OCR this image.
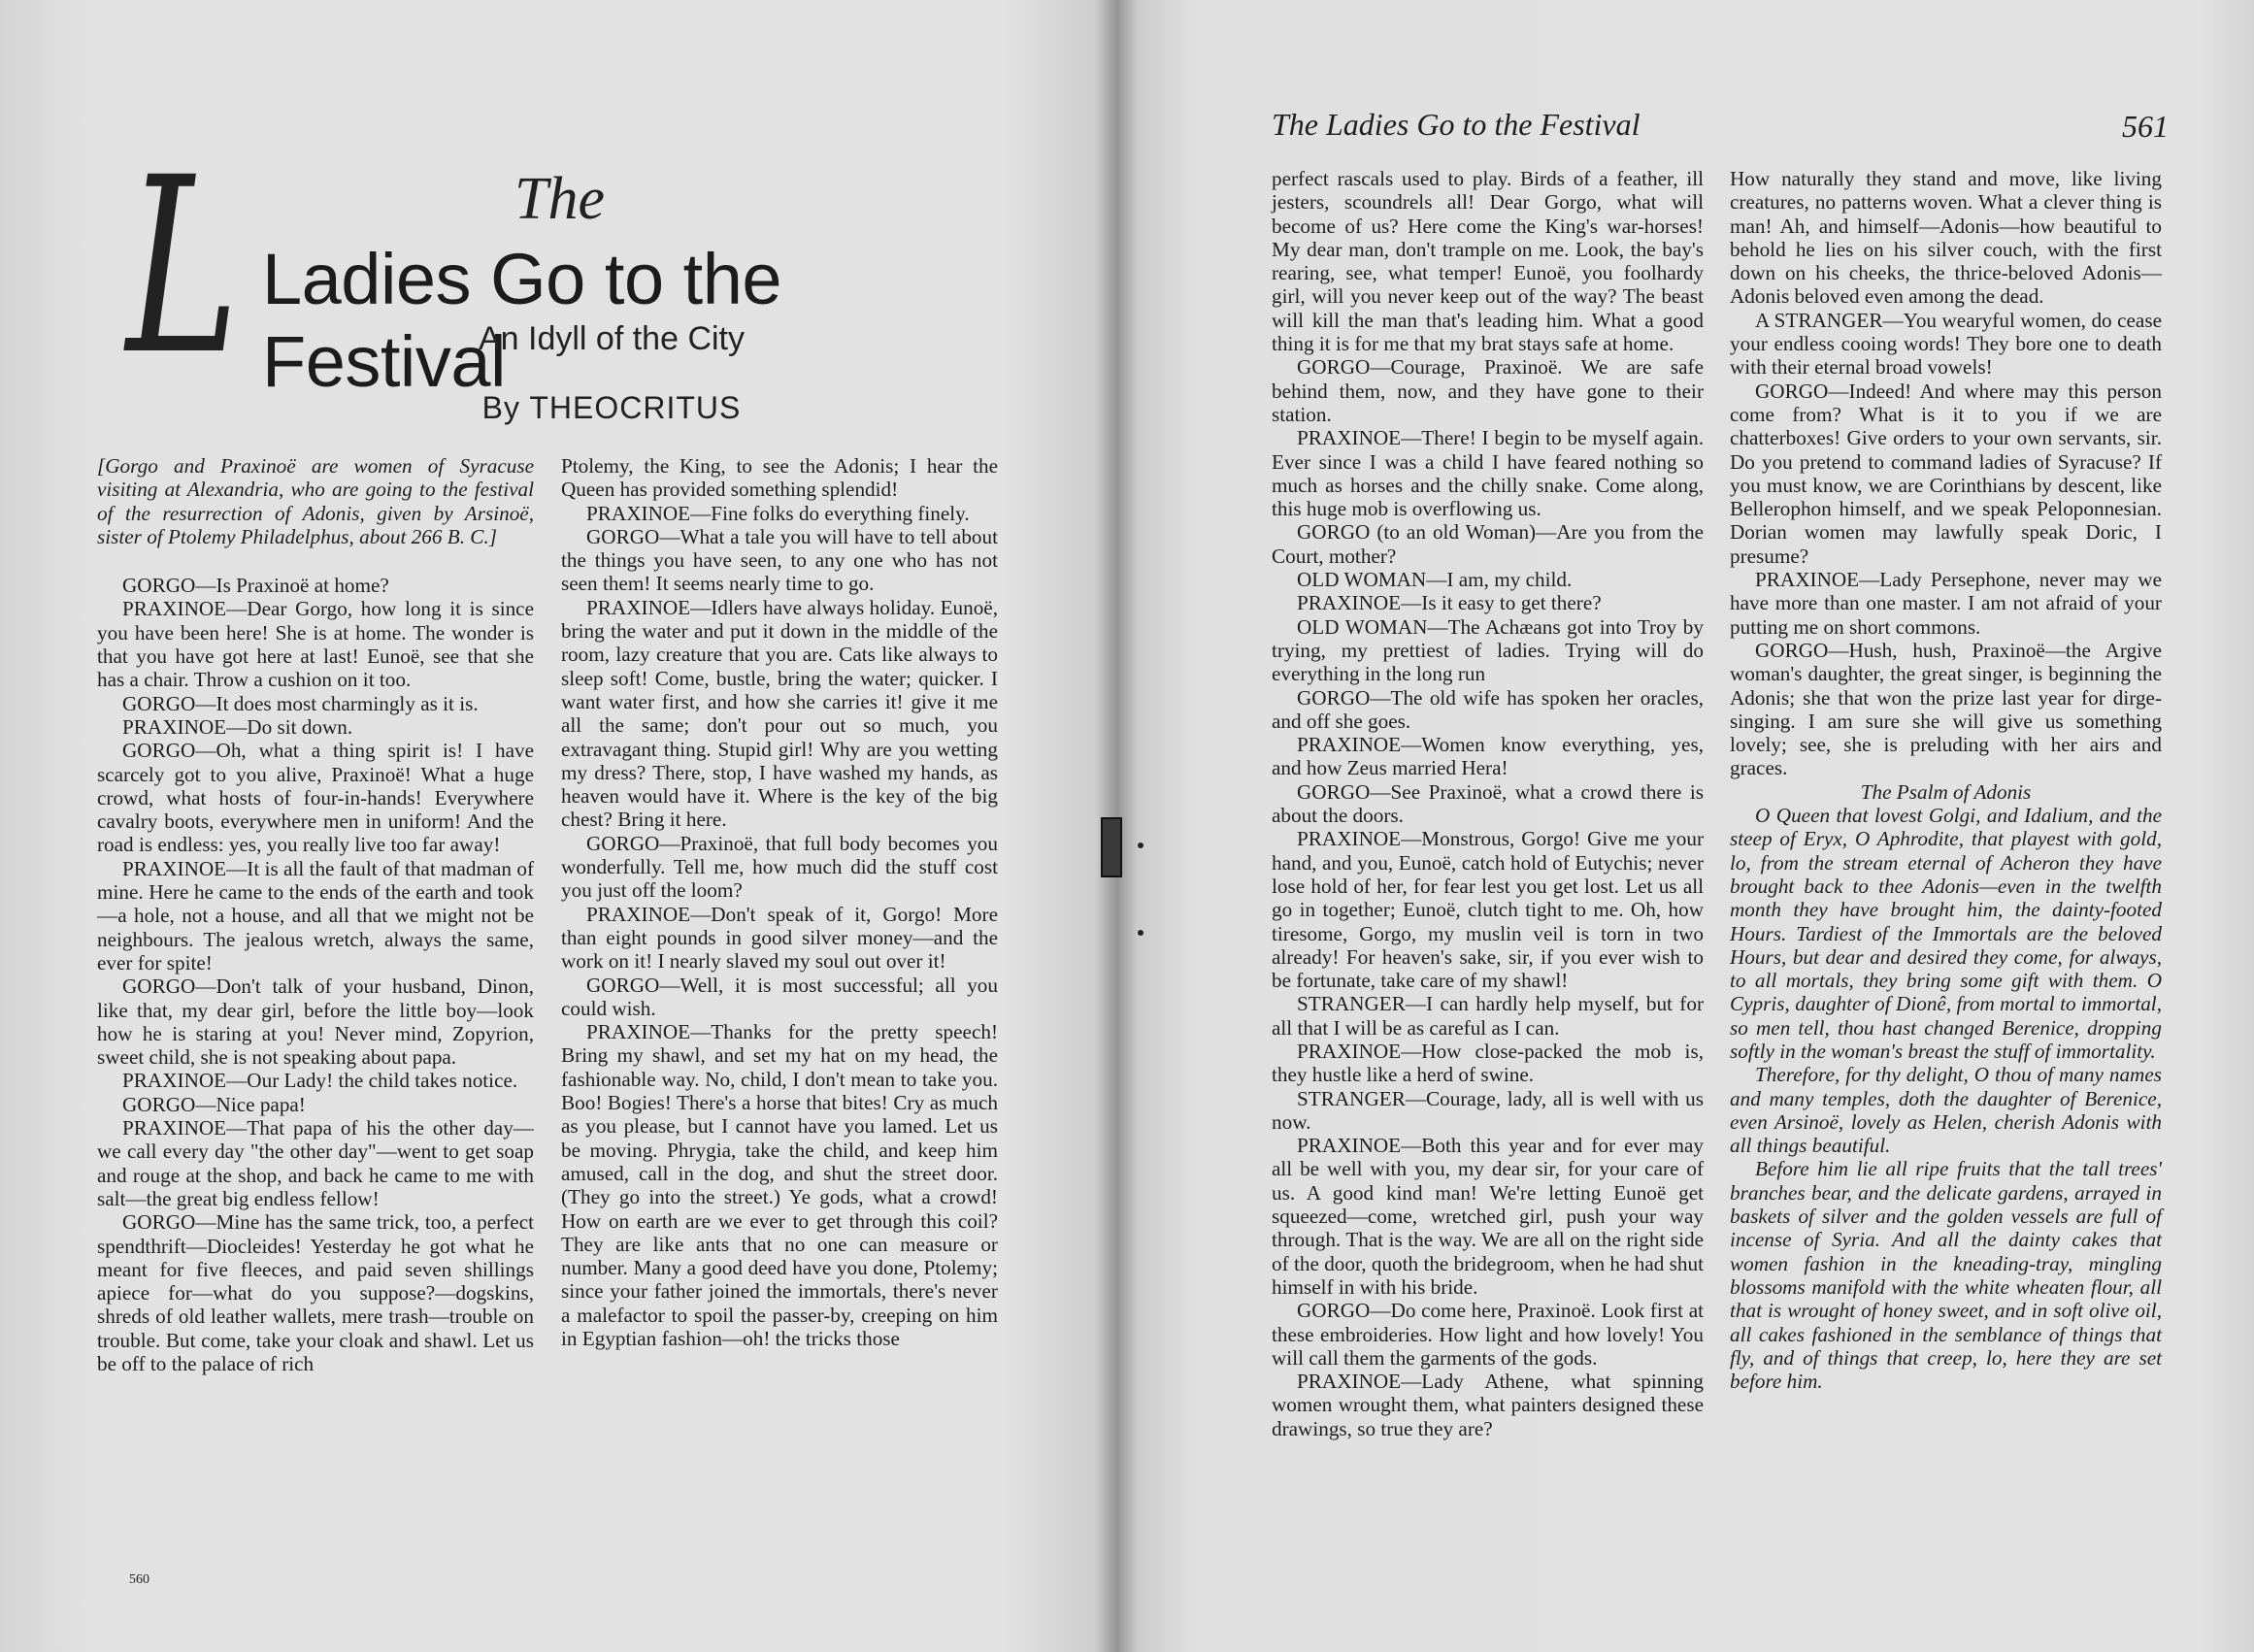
L	The
Ladies Go to the Festival
An Idyll of the City
By THEOCRITUS

[Gorgo and Praxinoë are women of Syracuse visiting at Alexandria, who are going to the festival of the resurrection of Adonis, given by Arsinoë, sister of Ptolemy Philadelphus, about 266 B. C.]

GORGO—Is Praxinoë at home?

PRAXINOE—Dear Gorgo, how long it is since you have been here! She is at home. The wonder is that you have got here at last! Eunoë, see that she has a chair. Throw a cushion on it too.

GORGO—It does most charmingly as it is.

PRAXINOE—Do sit down.

GORGO—Oh, what a thing spirit is! I have scarcely got to you alive, Praxinoë! What a huge crowd, what hosts of four-in-hands! Everywhere cavalry boots, everywhere men in uniform! And the road is endless: yes, you really live too far away!

PRAXINOE—It is all the fault of that madman of mine. Here he came to the ends of the earth and took—a hole, not a house, and all that we might not be neighbours. The jealous wretch, always the same, ever for spite!

GORGO—Don't talk of your husband, Dinon, like that, my dear girl, before the little boy—look how he is staring at you! Never mind, Zopyrion, sweet child, she is not speaking about papa.

PRAXINOE—Our Lady! the child takes notice.

GORGO—Nice papa!

PRAXINOE—That papa of his the other day—we call every day "the other day"—went to get soap and rouge at the shop, and back he came to me with salt—the great big endless fellow!

GORGO—Mine has the same trick, too, a perfect spendthrift—Diocleides! Yesterday he got what he meant for five fleeces, and paid seven shillings apiece for—what do you suppose?—dogskins, shreds of old leather wallets, mere trash—trouble on trouble. But come, take your cloak and shawl. Let us be off to the palace of rich

Ptolemy, the King, to see the Adonis; I hear the Queen has provided something splendid!

PRAXINOE—Fine folks do everything finely.

GORGO—What a tale you will have to tell about the things you have seen, to any one who has not seen them! It seems nearly time to go.

PRAXINOE—Idlers have always holiday. Eunoë, bring the water and put it down in the middle of the room, lazy creature that you are. Cats like always to sleep soft! Come, bustle, bring the water; quicker. I want water first, and how she carries it! give it me all the same; don't pour out so much, you extravagant thing. Stupid girl! Why are you wetting my dress? There, stop, I have washed my hands, as heaven would have it. Where is the key of the big chest? Bring it here.

GORGO—Praxinoë, that full body becomes you wonderfully. Tell me, how much did the stuff cost you just off the loom?

PRAXINOE—Don't speak of it, Gorgo! More than eight pounds in good silver money—and the work on it! I nearly slaved my soul out over it!

GORGO—Well, it is most successful; all you could wish.

PRAXINOE—Thanks for the pretty speech! Bring my shawl, and set my hat on my head, the fashionable way. No, child, I don't mean to take you. Boo! Bogies! There's a horse that bites! Cry as much as you please, but I cannot have you lamed. Let us be moving. Phrygia, take the child, and keep him amused, call in the dog, and shut the street door. (They go into the street.) Ye gods, what a crowd! How on earth are we ever to get through this coil? They are like ants that no one can measure or number. Many a good deed have you done, Ptolemy; since your father joined the immortals, there's never a malefactor to spoil the passer-by, creeping on him in Egyptian fashion—oh! the tricks those

560
The Ladies Go to the Festival	561

perfect rascals used to play. Birds of a feather, ill jesters, scoundrels all! Dear Gorgo, what will become of us? Here come the King's war-horses! My dear man, don't trample on me. Look, the bay's rearing, see, what temper! Eunoë, you foolhardy girl, will you never keep out of the way? The beast will kill the man that's leading him. What a good thing it is for me that my brat stays safe at home.

GORGO—Courage, Praxinoë. We are safe behind them, now, and they have gone to their station.

PRAXINOE—There! I begin to be myself again. Ever since I was a child I have feared nothing so much as horses and the chilly snake. Come along, this huge mob is overflowing us.

GORGO (to an old Woman)—Are you from the Court, mother?

OLD WOMAN—I am, my child.

PRAXINOE—Is it easy to get there?

OLD WOMAN—The Achæans got into Troy by trying, my prettiest of ladies. Trying will do everything in the long run

GORGO—The old wife has spoken her oracles, and off she goes.

PRAXINOE—Women know everything, yes, and how Zeus married Hera!

GORGO—See Praxinoë, what a crowd there is about the doors.

PRAXINOE—Monstrous, Gorgo! Give me your hand, and you, Eunoë, catch hold of Eutychis; never lose hold of her, for fear lest you get lost. Let us all go in together; Eunoë, clutch tight to me. Oh, how tiresome, Gorgo, my muslin veil is torn in two already! For heaven's sake, sir, if you ever wish to be fortunate, take care of my shawl!

STRANGER—I can hardly help myself, but for all that I will be as careful as I can.

PRAXINOE—How close-packed the mob is, they hustle like a herd of swine.

STRANGER—Courage, lady, all is well with us now.

PRAXINOE—Both this year and for ever may all be well with you, my dear sir, for your care of us. A good kind man! We're letting Eunoë get squeezed—come, wretched girl, push your way through. That is the way. We are all on the right side of the door, quoth the bridegroom, when he had shut himself in with his bride.

GORGO—Do come here, Praxinoë. Look first at these embroideries. How light and how lovely! You will call them the garments of the gods.

PRAXINOE—Lady Athene, what spinning women wrought them, what painters designed these drawings, so true they are?

How naturally they stand and move, like living creatures, no patterns woven. What a clever thing is man! Ah, and himself—Adonis—how beautiful to behold he lies on his silver couch, with the first down on his cheeks, the thrice-beloved Adonis—Adonis beloved even among the dead.

A STRANGER—You wearyful women, do cease your endless cooing words! They bore one to death with their eternal broad vowels!

GORGO—Indeed! And where may this person come from? What is it to you if we are chatterboxes! Give orders to your own servants, sir. Do you pretend to command ladies of Syracuse? If you must know, we are Corinthians by descent, like Bellerophon himself, and we speak Peloponnesian. Dorian women may lawfully speak Doric, I presume?

PRAXINOE—Lady Persephone, never may we have more than one master. I am not afraid of your putting me on short commons.

GORGO—Hush, hush, Praxinoë—the Argive woman's daughter, the great singer, is beginning the Adonis; she that won the prize last year for dirge-singing. I am sure she will give us something lovely; see, she is preluding with her airs and graces.

The Psalm of Adonis

O Queen that lovest Golgi, and Idalium, and the steep of Eryx, O Aphrodite, that playest with gold, lo, from the stream eternal of Acheron they have brought back to thee Adonis—even in the twelfth month they have brought him, the dainty-footed Hours. Tardiest of the Immortals are the beloved Hours, but dear and desired they come, for always, to all mortals, they bring some gift with them. O Cypris, daughter of Dionê, from mortal to immortal, so men tell, thou hast changed Berenice, dropping softly in the woman's breast the stuff of immortality.

Therefore, for thy delight, O thou of many names and many temples, doth the daughter of Berenice, even Arsinoë, lovely as Helen, cherish Adonis with all things beautiful.

Before him lie all ripe fruits that the tall trees' branches bear, and the delicate gardens, arrayed in baskets of silver and the golden vessels are full of incense of Syria. And all the dainty cakes that women fashion in the kneading-tray, mingling blossoms manifold with the white wheaten flour, all that is wrought of honey sweet, and in soft olive oil, all cakes fashioned in the semblance of things that fly, and of things that creep, lo, here they are set before him.
